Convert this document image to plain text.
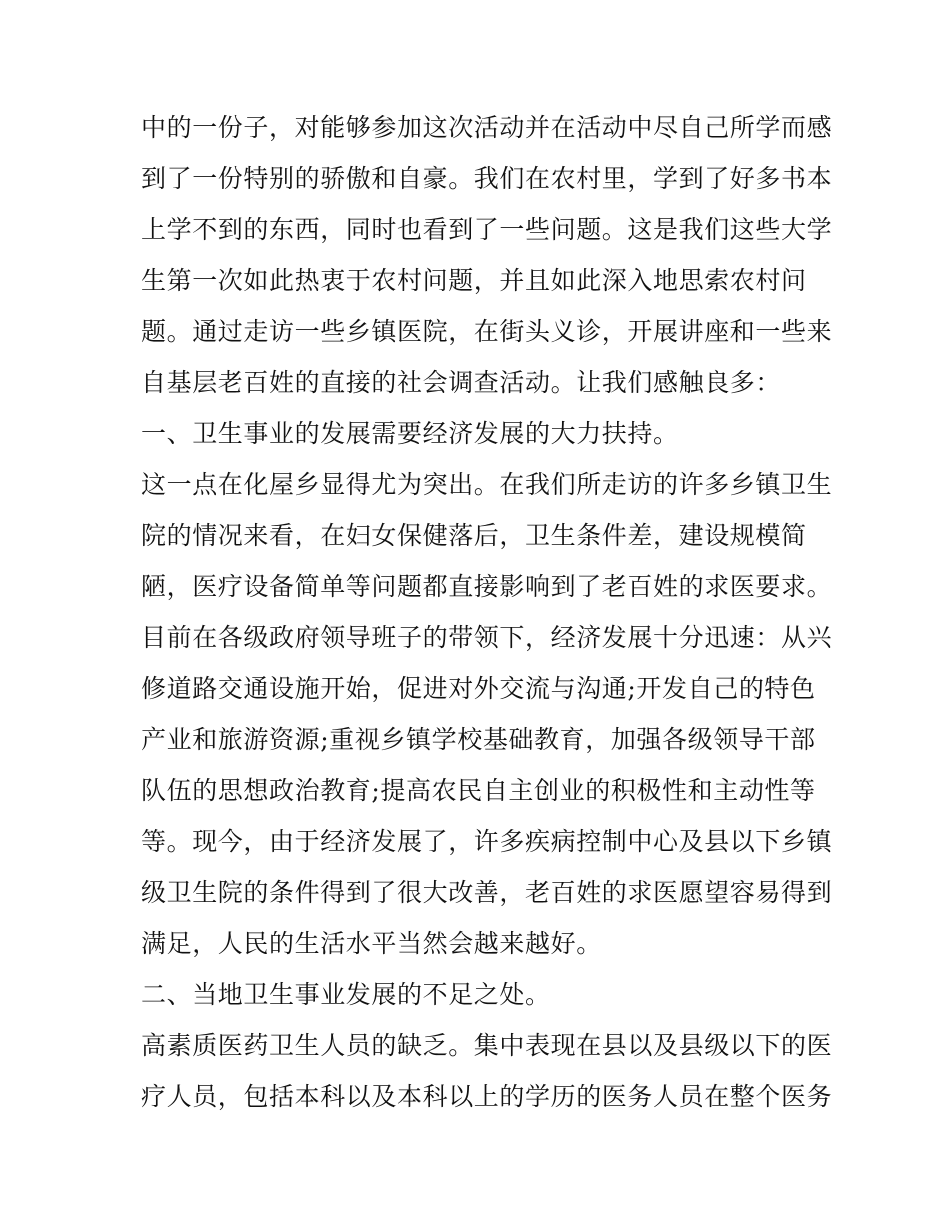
中的一份子，对能够参加这次活动并在活动中尽自己所学而感
到了一份特别的骄傲和自豪。我们在农村里，学到了好多书本
上学不到的东西，同时也看到了一些问题。这是我们这些大学
生第一次如此热衷于农村问题，并且如此深入地思索农村问
题。通过走访一些乡镇医院，在街头义诊，开展讲座和一些来
自基层老百姓的直接的社会调查活动。让我们感触良多：
一、卫生事业的发展需要经济发展的大力扶持。
这一点在化屋乡显得尤为突出。在我们所走访的许多乡镇卫生
院的情况来看，在妇女保健落后，卫生条件差，建设规模简
陋，医疗设备简单等问题都直接影响到了老百姓的求医要求。
目前在各级政府领导班子的带领下，经济发展十分迅速：从兴
修道路交通设施开始，促进对外交流与沟通;开发自己的特色
产业和旅游资源;重视乡镇学校基础教育，加强各级领导干部
队伍的思想政治教育;提高农民自主创业的积极性和主动性等
等。现今，由于经济发展了，许多疾病控制中心及县以下乡镇
级卫生院的条件得到了很大改善，老百姓的求医愿望容易得到
满足，人民的生活水平当然会越来越好。
二、当地卫生事业发展的不足之处。
高素质医药卫生人员的缺乏。集中表现在县以及县级以下的医
疗人员，包括本科以及本科以上的学历的医务人员在整个医务
